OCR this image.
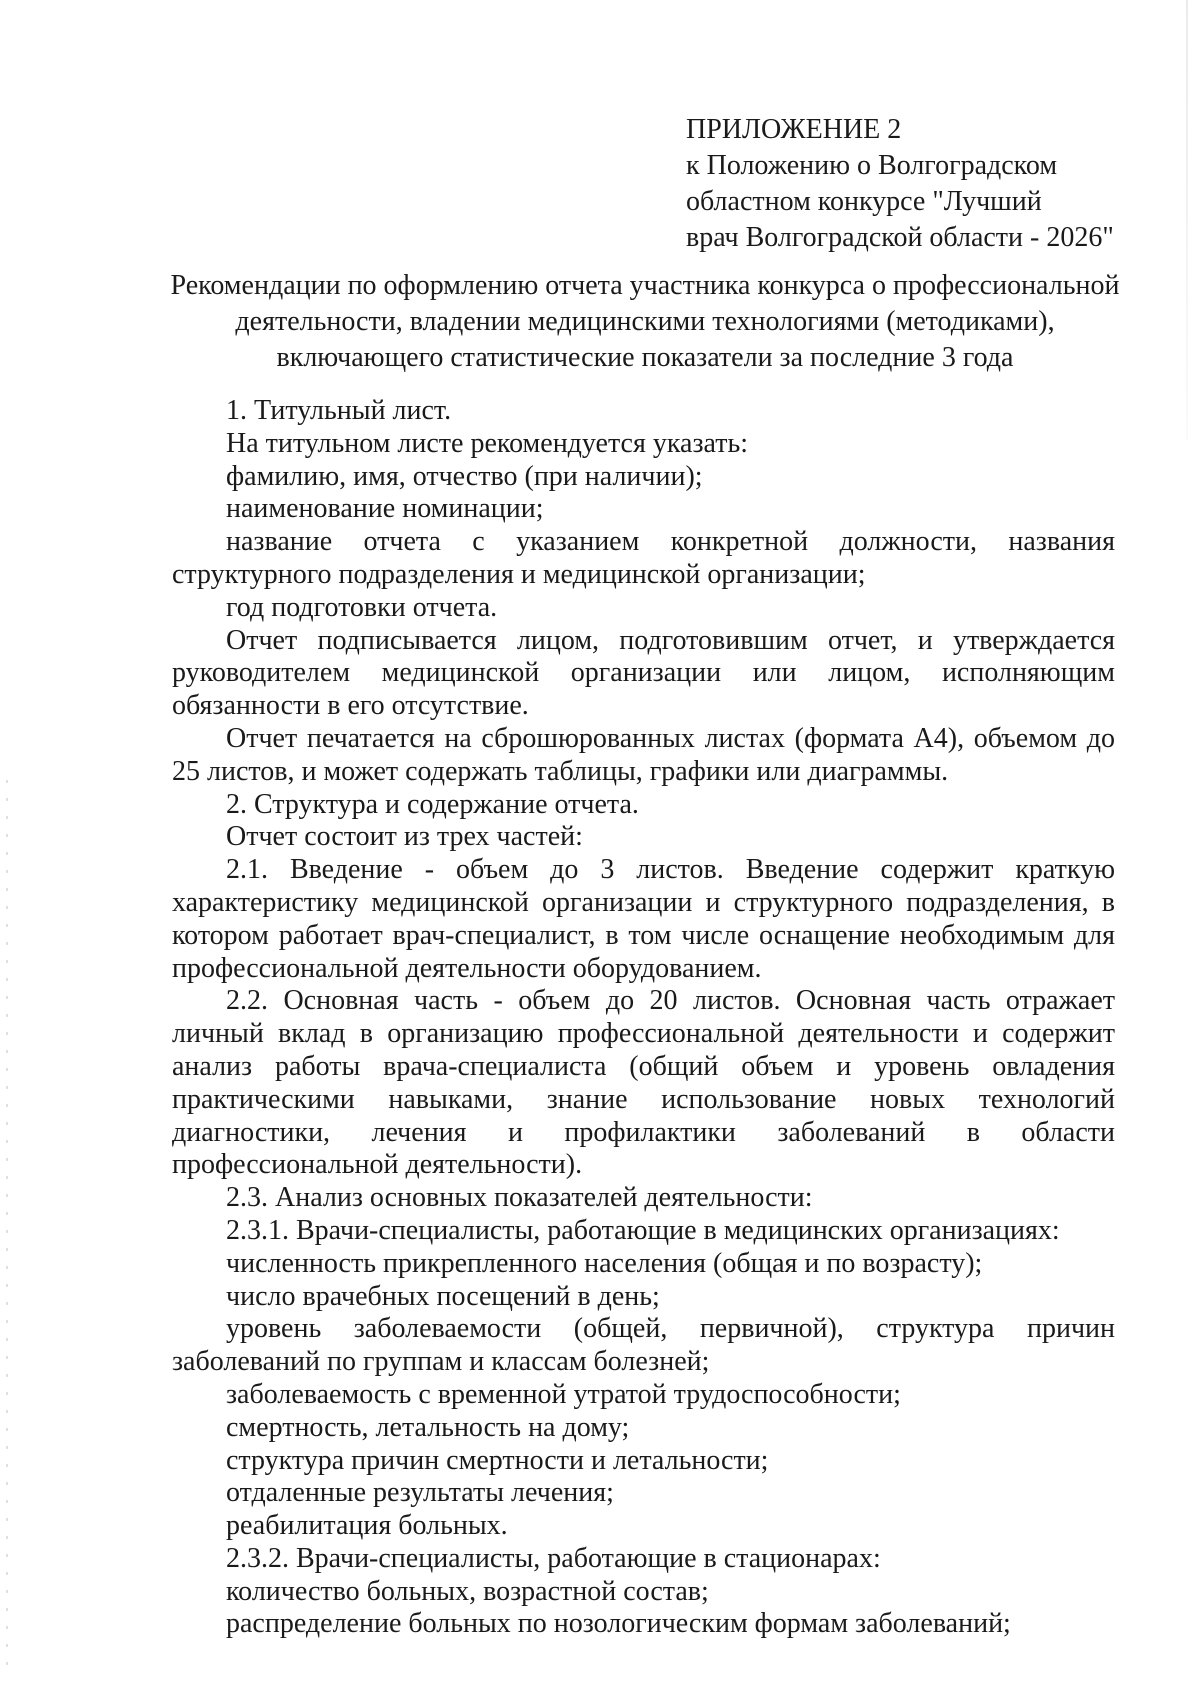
ПРИЛОЖЕНИЕ 2
к Положению о Волгоградском
областном конкурсе "Лучший
врач Волгоградской области - 2026"
Рекомендации по оформлению отчета участника конкурса о профессиональной
деятельности, владении медицинскими технологиями (методиками),
включающего статистические показатели за последние 3 года

1. Титульный лист.

На титульном листе рекомендуется указать:

фамилию, имя, отчество (при наличии);

наименование номинации;

название отчета с указанием конкретной должности, названия структурного подразделения и медицинской организации;

год подготовки отчета.

Отчет подписывается лицом, подготовившим отчет, и утверждается руководителем медицинской организации или лицом, исполняющим обязанности в его отсутствие.

Отчет печатается на сброшюрованных листах (формата А4), объемом до 25 листов, и может содержать таблицы, графики или диаграммы.

2. Структура и содержание отчета.

Отчет состоит из трех частей:

2.1. Введение - объем до 3 листов. Введение содержит краткую характеристику медицинской организации и структурного подразделения, в котором работает врач-специалист, в том числе оснащение необходимым для профессиональной деятельности оборудованием.

2.2. Основная часть - объем до 20 листов. Основная часть отражает личный вклад в организацию профессиональной деятельности и содержит анализ работы врача-специалиста (общий объем и уровень овладения практическими навыками, знание использование новых технологий диагностики, лечения и профилактики заболеваний в области профессиональной деятельности).

2.3. Анализ основных показателей деятельности:

2.3.1. Врачи-специалисты, работающие в медицинских организациях:

численность прикрепленного населения (общая и по возрасту);

число врачебных посещений в день;

уровень заболеваемости (общей, первичной), структура причин заболеваний по группам и классам болезней;

заболеваемость с временной утратой трудоспособности;

смертность, летальность на дому;

структура причин смертности и летальности;

отдаленные результаты лечения;

реабилитация больных.

2.3.2. Врачи-специалисты, работающие в стационарах:

количество больных, возрастной состав;

распределение больных по нозологическим формам заболеваний;
